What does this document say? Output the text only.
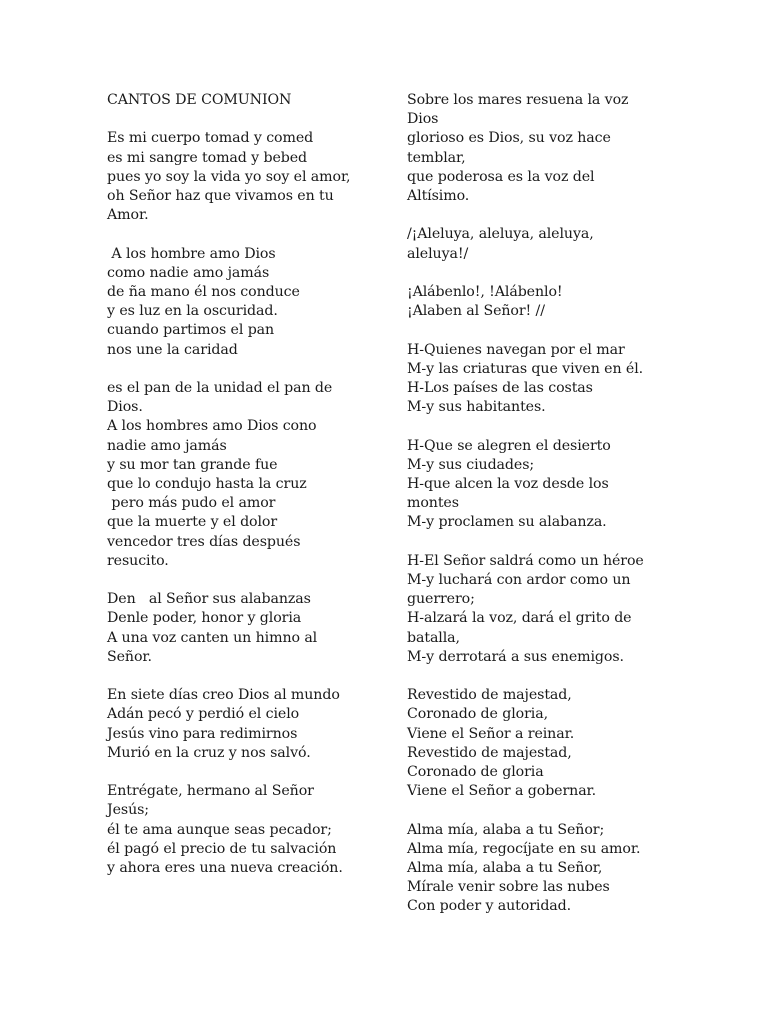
CANTOS DE COMUNION
Es mi cuerpo tomad y comed
es mi sangre tomad y bebed
pues yo soy la vida yo soy el amor,
oh Señor haz que vivamos en tu
Amor.
A los hombre amo Dios
como nadie amo jamás
de ña mano él nos conduce
y es luz en la oscuridad.
cuando partimos el pan
nos une la caridad
es el pan de la unidad el pan de
Dios.
A los hombres amo Dios cono
nadie amo jamás
y su mor tan grande fue
que lo condujo hasta la cruz
pero más pudo el amor
que la muerte y el dolor
vencedor tres días después
resucito.
Den   al Señor sus alabanzas
Denle poder, honor y gloria
A una voz canten un himno al
Señor.
En siete días creo Dios al mundo
Adán pecó y perdió el cielo
Jesús vino para redimirnos
Murió en la cruz y nos salvó.
Entrégate, hermano al Señor
Jesús;
él te ama aunque seas pecador;
él pagó el precio de tu salvación
y ahora eres una nueva creación.
Sobre los mares resuena la voz
Dios
glorioso es Dios, su voz hace
temblar,
que poderosa es la voz del
Altísimo.
/¡Aleluya, aleluya, aleluya,
aleluya!/
¡Alábenlo!, !Alábenlo!
¡Alaben al Señor! //
H-Quienes navegan por el mar
M-y las criaturas que viven en él.
H-Los países de las costas
M-y sus habitantes.
H-Que se alegren el desierto
M-y sus ciudades;
H-que alcen la voz desde los
montes
M-y proclamen su alabanza.
H-El Señor saldrá como un héroe
M-y luchará con ardor como un
guerrero;
H-alzará la voz, dará el grito de
batalla,
M-y derrotará a sus enemigos.
Revestido de majestad,
Coronado de gloria,
Viene el Señor a reinar.
Revestido de majestad,
Coronado de gloria
Viene el Señor a gobernar.
Alma mía, alaba a tu Señor;
Alma mía, regocíjate en su amor.
Alma mía, alaba a tu Señor,
Mírale venir sobre las nubes
Con poder y autoridad.
